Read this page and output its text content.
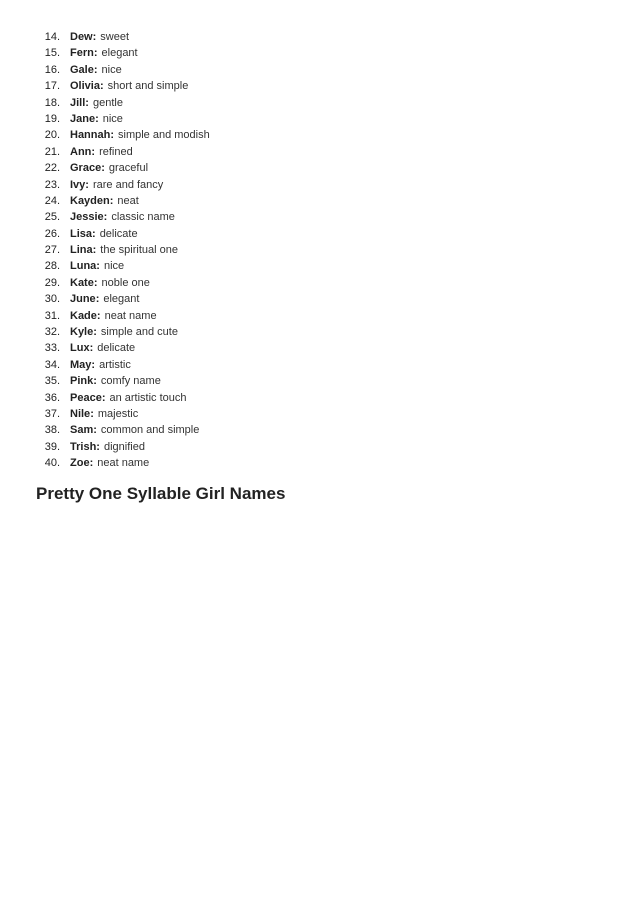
14. Dew : sweet
15. Fern : elegant
16. Gale : nice
17. Olivia : short and simple
18. Jill : gentle
19. Jane : nice
20. Hannah : simple and modish
21. Ann : refined
22. Grace : graceful
23. Ivy : rare and fancy
24. Kayden : neat
25. Jessie : classic name
26. Lisa : delicate
27. Lina : the spiritual one
28. Luna : nice
29. Kate : noble one
30. June : elegant
31. Kade : neat name
32. Kyle : simple and cute
33. Lux : delicate
34. May : artistic
35. Pink : comfy name
36. Peace : an artistic touch
37. Nile : majestic
38. Sam : common and simple
39. Trish : dignified
40. Zoe : neat name
Pretty One Syllable Girl Names
